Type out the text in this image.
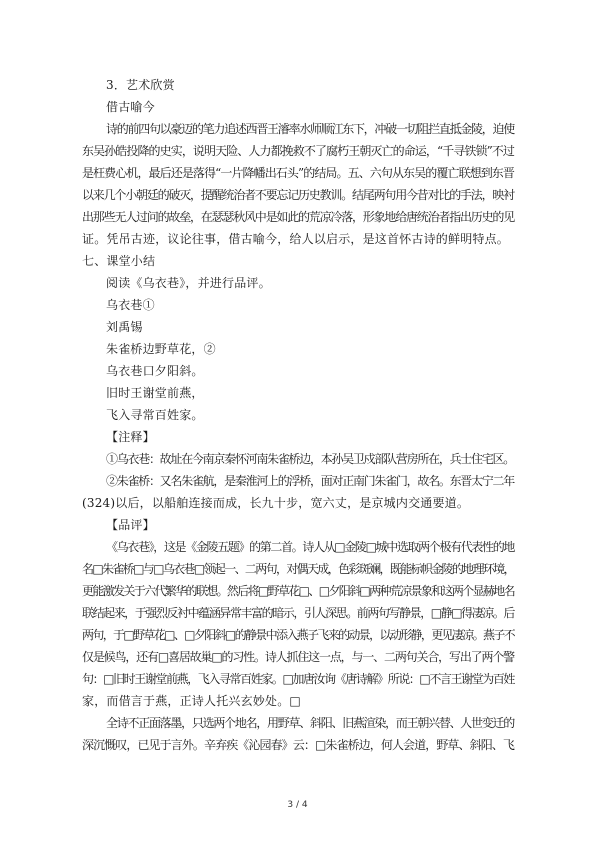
3．艺术欣赏
借古喻今
诗的前四句以豪迈的笔力追述西晋王濬率水师顺江东下，冲破一切阻拦直抵金陵，迫使
东吴孙皓投降的史实，说明天险、人力都挽救不了腐朽王朝灭亡的命运，“千寻铁锁”不过
是枉费心机，最后还是落得“一片降幡出石头”的结局。五、六句从东吴的覆亡联想到东晋
以来几个小朝廷的破灭，提醒统治者不要忘记历史教训。结尾两句用今昔对比的手法，映衬
出那些无人过问的故垒，在瑟瑟秋风中是如此的荒凉冷落，形象地给唐统治者指出历史的见
证。凭吊古迹，议论往事，借古喻今，给人以启示，是这首怀古诗的鲜明特点。
七、课堂小结
阅读《乌衣巷》，并进行品评。
乌衣巷①
刘禹锡
朱雀桥边野草花，②
乌衣巷口夕阳斜。
旧时王谢堂前燕，
飞入寻常百姓家。
【注释】
①乌衣巷：故址在今南京秦怀河南朱雀桥边，本孙吴卫戍部队营房所在，兵士住宅区。
②朱雀桥：又名朱雀航，是秦淮河上的浮桥，面对正南门朱雀门，故名。东晋太宁二年
(324)以后，以船舶连接而成，长九十步，宽六丈，是京城内交通要道。
【品评】
《乌衣巷》，这是《金陵五题》的第二首。诗人从□金陵□城中选取两个极有代表性的地
名□朱雀桥□与□乌衣巷□领起一、二两句，对偶天成，色彩斑斓，既能标帜金陵的地理环境，
更能激发关于六代繁华的联想。然后将□野草花□、□夕阳斜□两种荒凉景象和这两个显赫地名
联结起来，于强烈反衬中蕴涵异常丰富的暗示，引人深思。前两句写静景，□静□得凄凉。后
两句，于□野草花□、□夕阳斜□的静景中添入燕子飞来的动景，以动形静，更见凄凉。燕子不
仅是候鸟，还有□喜居故巢□的习性。诗人抓住这一点，与一、二两句关合，写出了两个警
句：□旧时王谢堂前燕，飞入寻常百姓家。□加唐汝询《唐诗解》所说：□不言王谢堂为百姓
家，而借言于燕，正诗人托兴玄妙处。□
全诗不正面落墨，只选两个地名，用野草、斜阳、旧燕渲染，而王朝兴替、人世变迁的
深沉慨叹，已见于言外。辛弃疾《沁园春》云：□朱雀桥边，何人会道，野草、斜阳、飞
3 / 4
